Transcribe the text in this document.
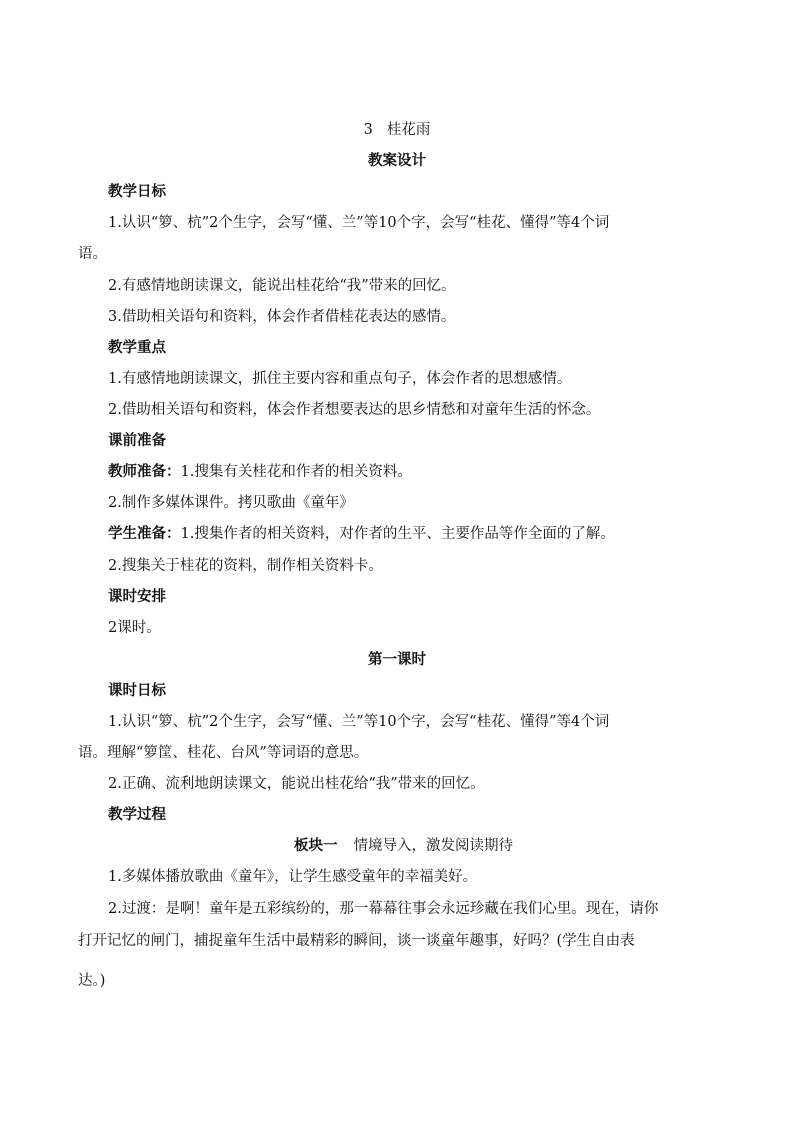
3 桂花雨
教案设计
教学日标
1.认识“箩、杭”2个生字，会写“懂、兰”等10个字，会写“桂花、懂得”等4个词
语。
2.有感情地朗读课文，能说出桂花给“我”带来的回忆。
3.借助相关语句和资料，体会作者借桂花表达的感情。
教学重点
1.有感情地朗读课文，抓住主要内容和重点句子，体会作者的思想感情。
2.借助相关语句和资料，体会作者想要表达的思乡情愁和对童年生活的怀念。
课前准备
教师准备：1.搜集有关桂花和作者的相关资料。
2.制作多媒体课件。拷贝歌曲《童年》
学生准备：1.搜集作者的相关资料，对作者的生平、主要作品等作全面的了解。
2.搜集关于桂花的资料，制作相关资料卡。
课时安排
2课时。
第一课时
课时日标
1.认识“箩、杭”2个生字，会写“懂、兰”等10个字，会写“桂花、懂得”等4个词
语。理解“箩筐、桂花、台风”等词语的意思。
2.正确、流利地朗读课文，能说出桂花给“我”带来的回忆。
教学过程
板块一 情境导入，激发阅读期待
1.多媒体播放歌曲《童年》，让学生感受童年的幸福美好。
2.过渡：是啊！童年是五彩缤纷的，那一幕幕往事会永远珍藏在我们心里。现在，请你
打开记忆的闸门，捕捉童年生活中最精彩的瞬间，谈一谈童年趣事，好吗？(学生自由表
达。)
